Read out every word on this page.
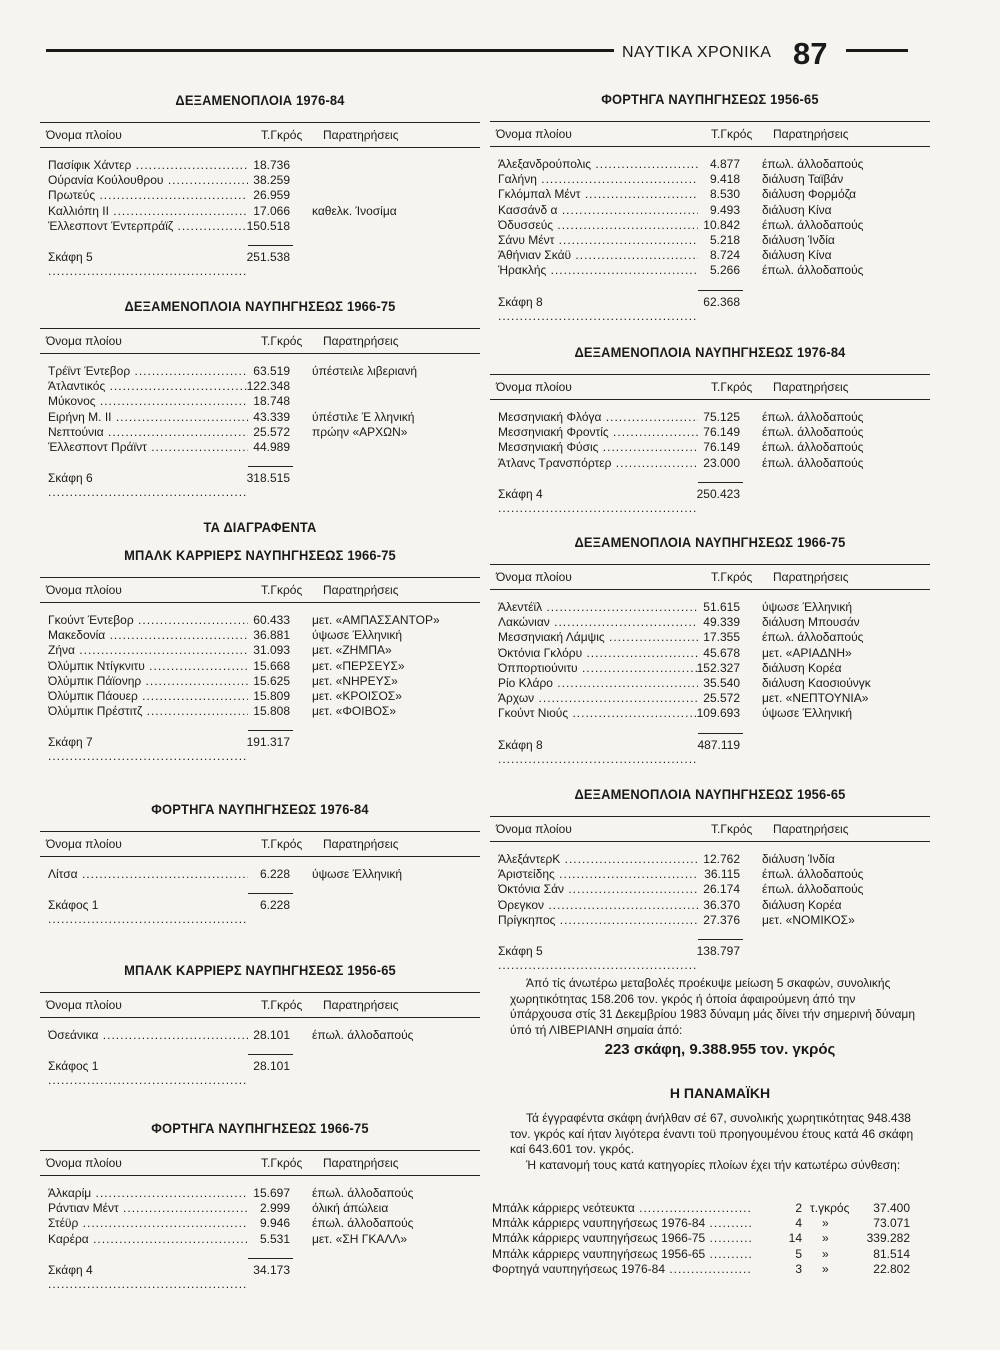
ΝΑΥΤΙΚΑ ΧΡΟΝΙΚΑ 87
ΔΕΞΑΜΕΝΟΠΛΟΙΑ 1976-84
Όνομα πλοίου	Τ.Γκρός Παρατηρήσεις
Πασίφικ Χάντερ .....	18.736
Ούρανία Κούλουθρου .....	38.259
Πρωτεύς .....	26.959
Καλλιόπη ΙΙ .....	17.066 καθελκ. Ίνοσίμα
Έλλεσποντ Έντερπράϊζ .....	150.518
Σκάφη 5 .....	251.538
ΔΕΞΑΜΕΝΟΠΛΟΙΑ ΝΑΥΠΗΓΗΣΕΩΣ 1966-75
Όνομα πλοίου	Τ.Γκρός Παρατηρήσεις
Τρέϊντ Έντεβορ .....	63.519 ύπέστειλε λιβεριανή
Άτλαντικός .....	122.348
Μύκονος .....	18.748
Ειρήνη Μ. ΙΙ .....	43.339 ύπέστιλε Έ λληνική
Νεπτούνια .....	25.572 πρώην «ΑΡΧΩΝ»
Έλλεσποντ Πράϊντ .....	44.989
Σκάφη 6 .....	318.515
ΤΑ ΔΙΑΓΡΑΦΕΝΤΑ
ΜΠΑΛΚ ΚΑΡΡΙΕΡΣ ΝΑΥΠΗΓΗΣΕΩΣ 1966-75
Όνομα πλοίου	Τ.Γκρός Παρατηρήσεις
Γκούντ Έντεβορ .....	60.433 μετ. «ΑΜΠΑΣΣΑΝΤΟΡ»
Μακεδονία .....	36.881 ύψωσε Έλληνική
Ζήνα .....	31.093 μετ. «ΖΗΜΠΑ»
Όλύμπικ Ντίγκνιτυ .....	15.668 μετ. «ΠΕΡΣΕΥΣ»
Όλύμπικ Πάϊονηρ .....	15.625 μετ. «ΝΗΡΕΥΣ»
Όλύμπικ Πάουερ .....	15.809 μετ. «ΚΡΟΙΣΟΣ»
Όλύμπικ Πρέστιτζ .....	15.808 μετ. «ΦΟΙΒΟΣ»
Σκάφη 7 .....	191.317
ΦΟΡΤΗΓΑ ΝΑΥΠΗΓΗΣΕΩΣ 1976-84
Όνομα πλοίου	Τ.Γκρός Παρατηρήσεις
Λίτσα .....	6.228 ύψωσε Έλληνική
Σκάφος 1 .....	6.228
ΜΠΑΛΚ ΚΑΡΡΙΕΡΣ ΝΑΥΠΗΓΗΣΕΩΣ 1956-65
Όνομα πλοίου	Τ.Γκρός Παρατηρήσεις
Όσεάνικα .....	28.101 έπωλ. άλλοδαπούς
Σκάφος 1 .....	28.101
ΦΟΡΤΗΓΑ ΝΑΥΠΗΓΗΣΕΩΣ 1966-75
Όνομα πλοίου	Τ.Γκρός Παρατηρήσεις
Άλκαρίμ .....	15.697 έπωλ. άλλοδαπούς
Ράντιαν Μέντ .....	2.999 όλική άπώλεια
Στέϋρ .....	9.946 έπωλ. άλλοδαπούς
Καρέρα .....	5.531 μετ. «ΣΗ ΓΚΑΛΛ»
Σκάφη 4 .....	34.173
ΦΟΡΤΗΓΑ ΝΑΥΠΗΓΗΣΕΩΣ 1956-65
Όνομα πλοίου	Τ.Γκρός Παρατηρήσεις
Άλεξανδρούπολις .....	4.877 έπωλ. άλλοδαπούς
Γαλήνη .....	9.418 διάλυση Ταϊβάν
Γκλόμπαλ Μέντ .....	8.530 διάλυση Φορμόζα
Κασσάνδ α .....	9.493 διάλυση Κίνα
Όδυσσεύς .....	10.842 έπωλ. άλλοδαπούς
Σάνυ Μέντ .....	5.218 διάλυση Ίνδία
Άθήνιαν Σκάϋ .....	8.724 διάλυση Κίνα
Ήρακλής .....	5.266 έπωλ. άλλοδαπούς
Σκάφη 8 .....	62.368
ΔΕΞΑΜΕΝΟΠΛΟΙΑ ΝΑΥΠΗΓΗΣΕΩΣ 1976-84
Όνομα πλοίου	Τ.Γκρός Παρατηρήσεις
Μεσσηνιακή Φλόγα .....	75.125 έπωλ. άλλοδαπούς
Μεσσηνιακή Φροντίς .....	76.149 έπωλ. άλλοδαπούς
Μεσσηνιακή Φύσις .....	76.149 έπωλ. άλλοδαπούς
Άτλανς Τρανσπόρτερ .....	23.000 έπωλ. άλλοδαπούς
Σκάφη 4 .....	250.423
ΔΕΞΑΜΕΝΟΠΛΟΙΑ ΝΑΥΠΗΓΗΣΕΩΣ 1966-75
Όνομα πλοίου	Τ.Γκρός Παρατηρήσεις
Άλεντέϊλ .....	51.615 ύψωσε Έλληνική
Λακώνιαν .....	49.339 διάλυση Μπουσάν
Μεσσηνιακή Λάμψις .....	17.355 έπωλ. άλλοδαπούς
Όκτόνια Γκλόρυ .....	45.678 μετ. «ΑΡΙΑΔΝΗ»
Όππορτιούνιτυ .....	152.327 διάλυση Κορέα
Ρίο Κλάρο .....	35.540 διάλυση Καοσιούνγκ
Άρχων .....	25.572 μετ. «ΝΕΠΤΟΥΝΙΑ»
Γκούντ Νιούς .....	109.693 ύψωσε Έλληνική
Σκάφη 8 .....	487.119
ΔΕΞΑΜΕΝΟΠΛΟΙΑ ΝΑΥΠΗΓΗΣΕΩΣ 1956-65
Όνομα πλοίου	Τ.Γκρός Παρατηρήσεις
ΆλεξάντερΚ .....	12.762 διάλυση Ίνδία
Άριστείδης .....	36.115 έπωλ. άλλοδαπούς
Όκτόνια Σάν .....	26.174 έπωλ. άλλοδαπούς
Όρεγκον .....	36.370 διάλυση Κορέα
Πρίγκηπος .....	27.376 μετ. «ΝΟΜΙΚΟΣ»
Σκάφη 5 .....	138.797
Άπό τίς άνωτέρω μεταβολές προέκυψε μείωση 5 σκαφών, συνολικής χωρητικότητας 158.206 τον. γκρός ή όποία άφαιρούμενη άπό την ύπάρχουσα στίς 31 Δεκεμβρίου 1983 δύναμη μάς δίνει τήν σημερινή δύναμη ύπό τή ΛΙΒΕΡΙΑΝΗ σημαία άπό:
223 σκάφη, 9.388.955 τον. γκρός
Η ΠΑΝΑΜΑΪΚΗ
Τά έγγραφέντα σκάφη άνήλθαν σέ 67, συνολικής χωρητικότητας 948.438 τον. γκρός καί ήταν λιγότερα έναντι τοϋ προηγουμένου έτους κατά 46 σκάφη καί 643.601 τον. γκρός.
Ή κατανομή τους κατά κατηγορίες πλοίων έχει τήν κατωτέρω σύνθεση:
Μπάλκ κάρριερς νεότευκτα .....	2 τ.γκρός	37.400
Μπάλκ κάρριερς ναυπηγήσεως 1976-84 .....	4 »	73.071
Μπάλκ κάρριερς ναυπηγήσεως 1966-75 .....	14 »	339.282
Μπάλκ κάρριερς ναυπηγήσεως 1956-65 .....	5 »	81.514
Φορτηγά ναυπηγήσεως 1976-84 .....	3 »	22.802
